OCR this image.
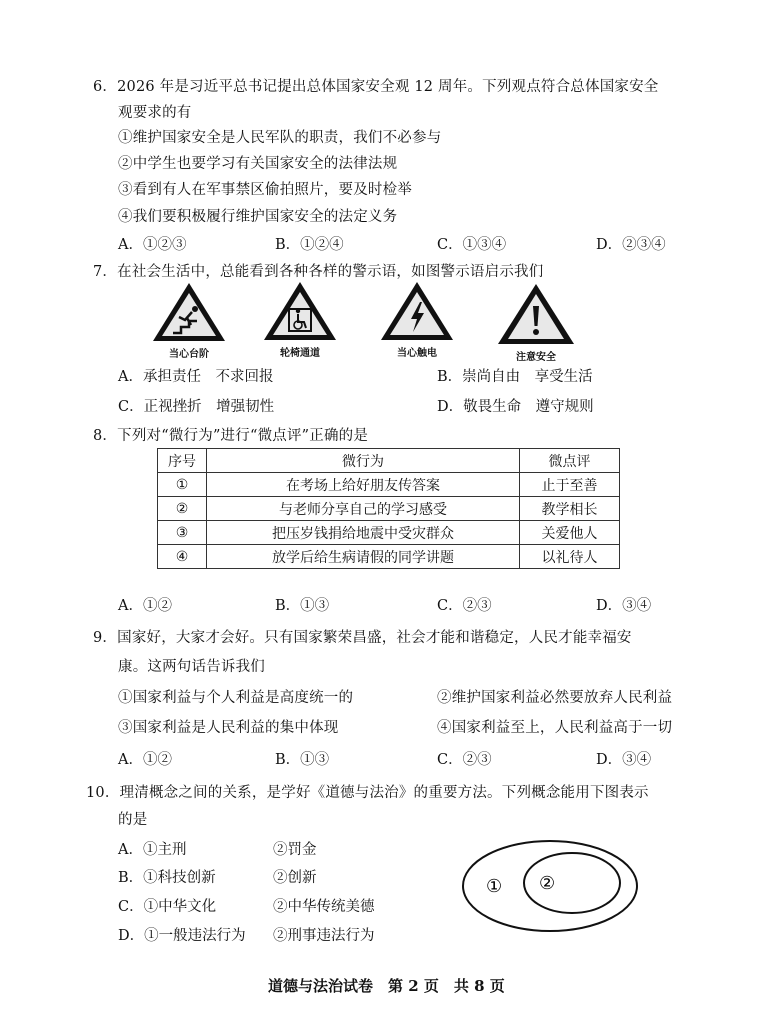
6．2026 年是习近平总书记提出总体国家安全观 12 周年。下列观点符合总体国家安全
观要求的有
①维护国家安全是人民军队的职责，我们不必参与
②中学生也要学习有关国家安全的法律法规
③看到有人在军事禁区偷拍照片，要及时检举
④我们要积极履行维护国家安全的法定义务
A．①②③	B．①②④	C．①③④	D．②③④
7．在社会生活中，总能看到各种各样的警示语，如图警示语启示我们
当心台阶	轮椅通道	当心触电	注意安全
A．承担责任　不求回报	B．崇尚自由　享受生活
C．正视挫折　增强韧性	D．敬畏生命　遵守规则
8．下列对“微行为”进行“微点评”正确的是
序号	微行为	微点评
①	在考场上给好朋友传答案	止于至善
②	与老师分享自己的学习感受	教学相长
③	把压岁钱捐给地震中受灾群众	关爱他人
④	放学后给生病请假的同学讲题	以礼待人
A．①②	B．①③	C．②③	D．③④
9．国家好，大家才会好。只有国家繁荣昌盛，社会才能和谐稳定，人民才能幸福安
康。这两句话告诉我们
①国家利益与个人利益是高度统一的	②维护国家利益必然要放弃人民利益
③国家利益是人民利益的集中体现	④国家利益至上，人民利益高于一切
A．①②	B．①③	C．②③	D．③④
10．理清概念之间的关系，是学好《道德与法治》的重要方法。下列概念能用下图表示
的是
A．①主刑	②罚金
B．①科技创新	②创新
C．①中华文化	②中华传统美德
D．①一般违法行为 ②刑事违法行为
① ②
道德与法治试卷　第 2 页　共 8 页
